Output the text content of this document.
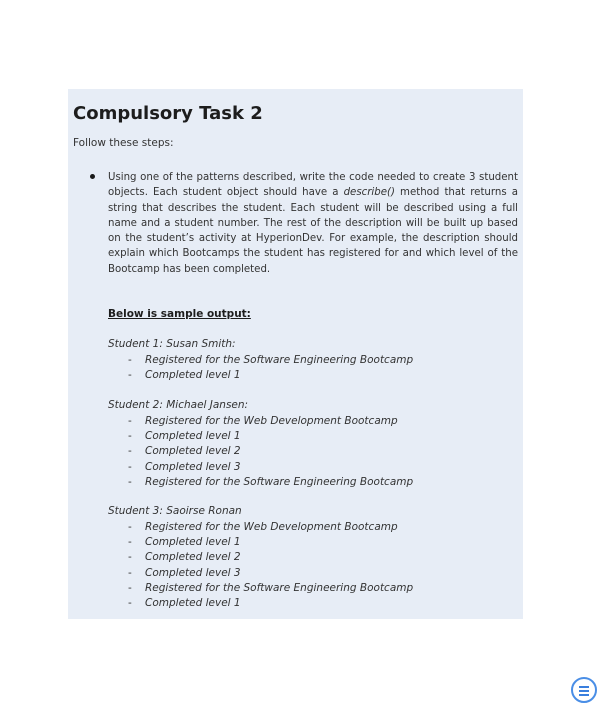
Compulsory Task 2

Follow these steps:

Using one of the patterns described, write the code needed to create 3 student objects. Each student object should have a describe() method that returns a string that describes the student. Each student will be described using a full name and a student number. The rest of the description will be built up based on the student’s activity at HyperionDev. For example, the description should explain which Bootcamps the student has registered for and which level of the Bootcamp has been completed.

Below is sample output:

Student 1: Susan Smith:

- Registered for the Software Engineering Bootcamp
- Completed level 1

Student 2: Michael Jansen:

- Registered for the Web Development Bootcamp
- Completed level 1
- Completed level 2
- Completed level 3
- Registered for the Software Engineering Bootcamp

Student 3: Saoirse Ronan

- Registered for the Web Development Bootcamp
- Completed level 1
- Completed level 2
- Completed level 3
- Registered for the Software Engineering Bootcamp
- Completed level 1
